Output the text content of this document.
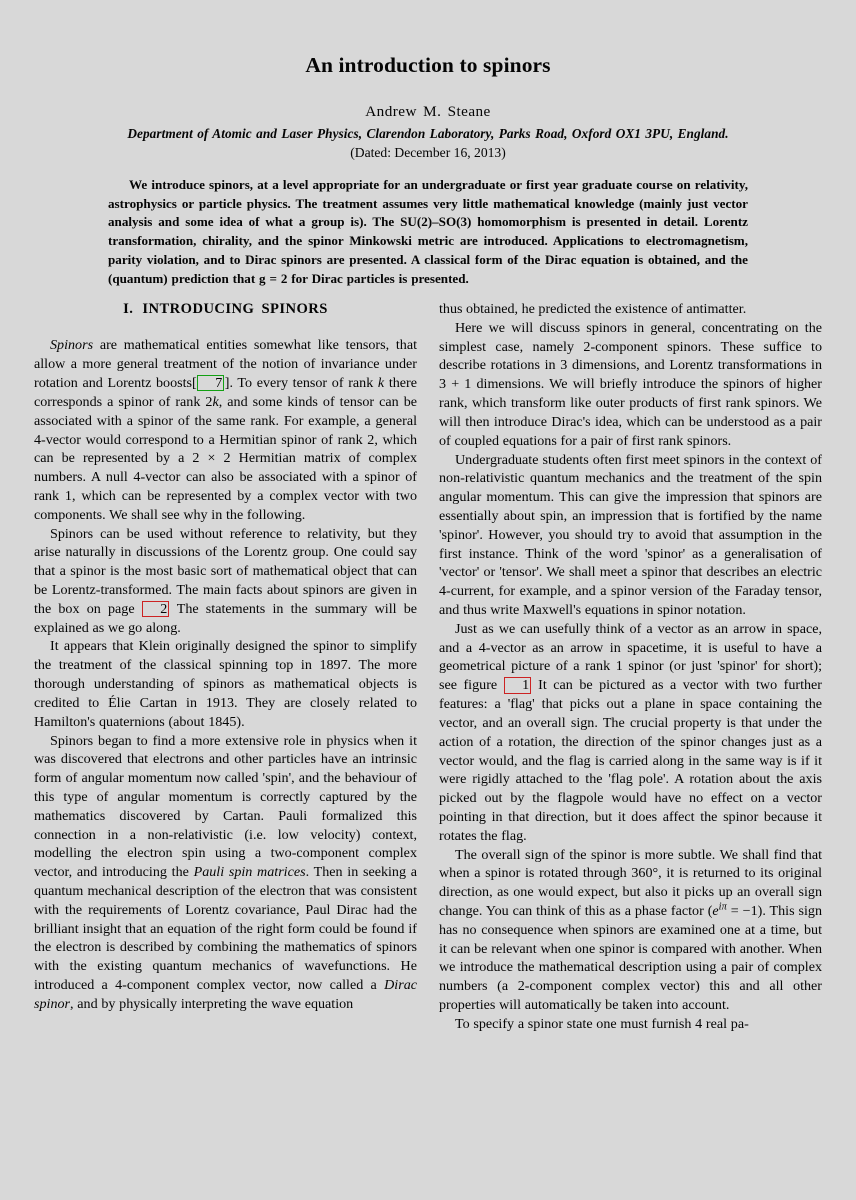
An introduction to spinors
Andrew M. Steane
Department of Atomic and Laser Physics, Clarendon Laboratory, Parks Road, Oxford OX1 3PU, England.
(Dated: December 16, 2013)
We introduce spinors, at a level appropriate for an undergraduate or first year graduate course on relativity, astrophysics or particle physics. The treatment assumes very little mathematical knowledge (mainly just vector analysis and some idea of what a group is). The SU(2)–SO(3) homomorphism is presented in detail. Lorentz transformation, chirality, and the spinor Minkowski metric are introduced. Applications to electromagnetism, parity violation, and to Dirac spinors are presented. A classical form of the Dirac equation is obtained, and the (quantum) prediction that g = 2 for Dirac particles is presented.
I. INTRODUCING SPINORS

Spinors are mathematical entities somewhat like tensors, that allow a more general treatment of the notion of invariance under rotation and Lorentz boosts[ 7 ]. To every tensor of rank k there corresponds a spinor of rank 2k, and some kinds of tensor can be associated with a spinor of the same rank. For example, a general 4-vector would correspond to a Hermitian spinor of rank 2, which can be represented by a 2 × 2 Hermitian matrix of complex numbers. A null 4-vector can also be associated with a spinor of rank 1, which can be represented by a complex vector with two components. We shall see why in the following.

Spinors can be used without reference to relativity, but they arise naturally in discussions of the Lorentz group. One could say that a spinor is the most basic sort of mathematical object that can be Lorentz-transformed. The main facts about spinors are given in the box on page 2 The statements in the summary will be explained as we go along.

It appears that Klein originally designed the spinor to simplify the treatment of the classical spinning top in 1897. The more thorough understanding of spinors as mathematical objects is credited to Élie Cartan in 1913. They are closely related to Hamilton's quaternions (about 1845).

Spinors began to find a more extensive role in physics when it was discovered that electrons and other particles have an intrinsic form of angular momentum now called 'spin', and the behaviour of this type of angular momentum is correctly captured by the mathematics discovered by Cartan. Pauli formalized this connection in a non-relativistic (i.e. low velocity) context, modelling the electron spin using a two-component complex vector, and introducing the Pauli spin matrices. Then in seeking a quantum mechanical description of the electron that was consistent with the requirements of Lorentz covariance, Paul Dirac had the brilliant insight that an equation of the right form could be found if the electron is described by combining the mathematics of spinors with the existing quantum mechanics of wavefunctions. He introduced a 4-component complex vector, now called a Dirac spinor, and by physically interpreting the wave equation

thus obtained, he predicted the existence of antimatter.

Here we will discuss spinors in general, concentrating on the simplest case, namely 2-component spinors. These suffice to describe rotations in 3 dimensions, and Lorentz transformations in 3 + 1 dimensions. We will briefly introduce the spinors of higher rank, which transform like outer products of first rank spinors. We will then introduce Dirac's idea, which can be understood as a pair of coupled equations for a pair of first rank spinors.

Undergraduate students often first meet spinors in the context of non-relativistic quantum mechanics and the treatment of the spin angular momentum. This can give the impression that spinors are essentially about spin, an impression that is fortified by the name 'spinor'. However, you should try to avoid that assumption in the first instance. Think of the word 'spinor' as a generalisation of 'vector' or 'tensor'. We shall meet a spinor that describes an electric 4-current, for example, and a spinor version of the Faraday tensor, and thus write Maxwell's equations in spinor notation.

Just as we can usefully think of a vector as an arrow in space, and a 4-vector as an arrow in spacetime, it is useful to have a geometrical picture of a rank 1 spinor (or just 'spinor' for short); see figure 1 It can be pictured as a vector with two further features: a 'flag' that picks out a plane in space containing the vector, and an overall sign. The crucial property is that under the action of a rotation, the direction of the spinor changes just as a vector would, and the flag is carried along in the same way is if it were rigidly attached to the 'flag pole'. A rotation about the axis picked out by the flagpole would have no effect on a vector pointing in that direction, but it does affect the spinor because it rotates the flag.

The overall sign of the spinor is more subtle. We shall find that when a spinor is rotated through 360°, it is returned to its original direction, as one would expect, but also it picks up an overall sign change. You can think of this as a phase factor $(e^{i\pi} = -1)$. This sign has no consequence when spinors are examined one at a time, but it can be relevant when one spinor is compared with another. When we introduce the mathematical description using a pair of complex numbers (a 2-component complex vector) this and all other properties will automatically be taken into account.

To specify a spinor state one must furnish 4 real pa-
